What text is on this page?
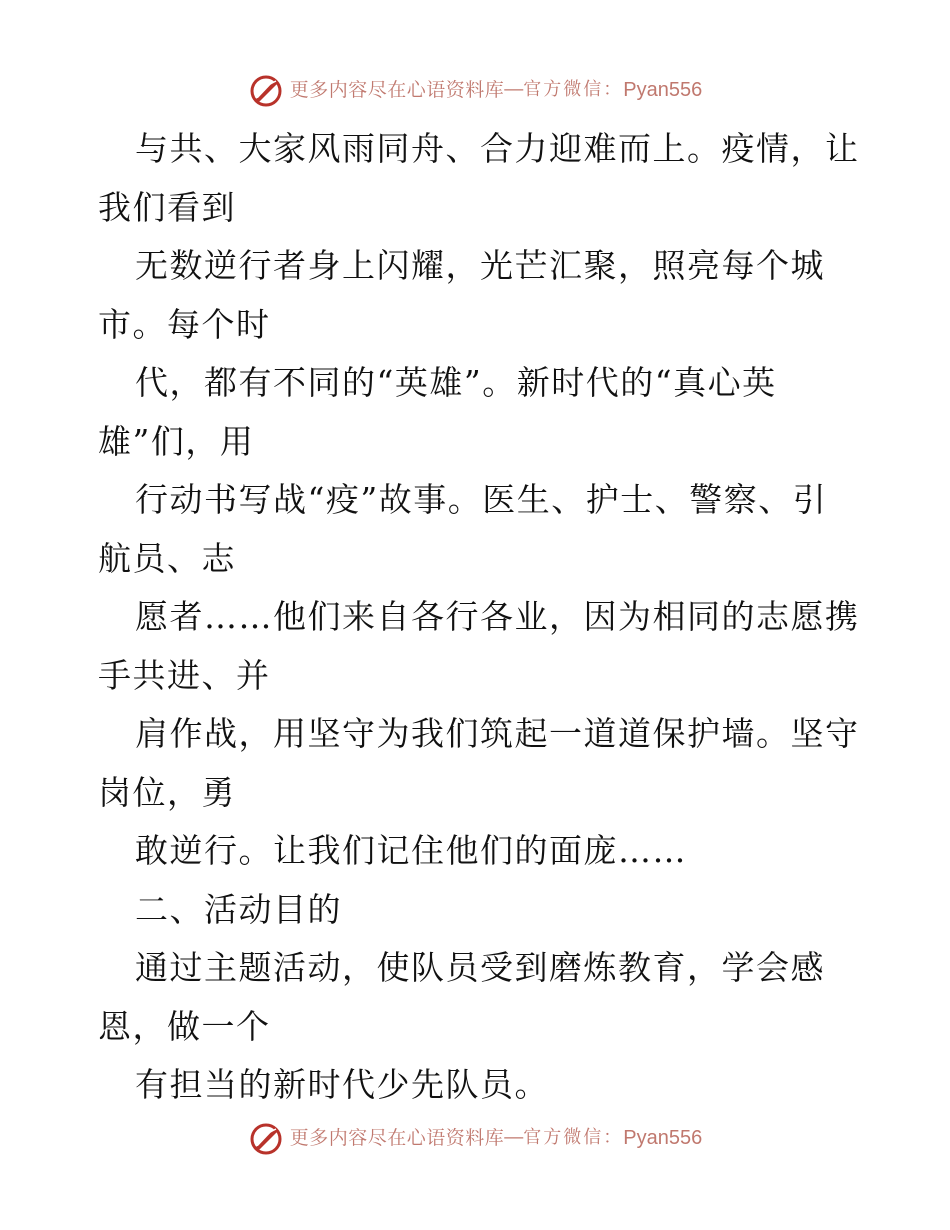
更多内容尽在心语资料库 — 官方微信： Pyan556
与共、大家风雨同舟、合力迎难而上。疫情，让
我们看到
无数逆行者身上闪耀，光芒汇聚，照亮每个城
市。每个时
代，都有不同的“英雄”。新时代的“真心英
雄”们，用
行动书写战“疫”故事。医生、护士、警察、引
航员、志
愿者……他们来自各行各业，因为相同的志愿携
手共进、并
肩作战，用坚守为我们筑起一道道保护墙。坚守
岗位，勇
敢逆行。让我们记住他们的面庞……
二、活动目的
通过主题活动，使队员受到磨炼教育，学会感
恩，做一个
有担当的新时代少先队员。
更多内容尽在心语资料库 — 官方微信： Pyan556
